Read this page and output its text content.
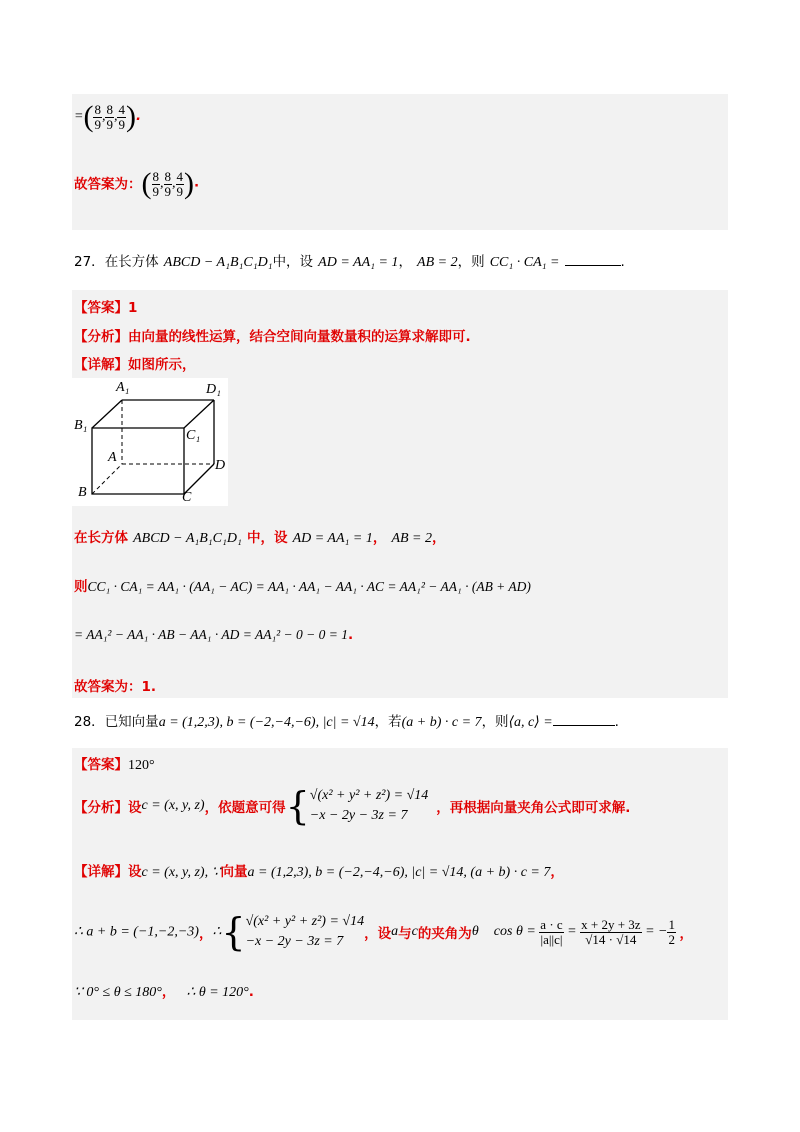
=( $\frac{8}{9}$ , $\frac{8}{9}$ , $\frac{4}{9}$ ).
故答案为：( $\frac{8}{9}$ , $\frac{8}{9}$ , $\frac{4}{9}$ ).
27．在长方体 ABCD − A₁B₁C₁D₁中，设 AD = AA₁ = 1， AB = 2，则 CC₁ · CA₁ =	.
【答案】1
【分析】由向量的线性运算，结合空间向量数量积的运算求解即可.
【详解】如图所示，
A₁	D₁
B₁
C₁
A
D
B	C
在长方体 ABCD − A₁B₁C₁D₁ 中，设 AD = AA₁ = 1， AB = 2，
则CC₁ · CA₁ = AA₁ · (AA₁ − AC) = AA₁ · AA₁ − AA₁ · AC = AA₁² − AA₁ · (AB + AD)
= AA₁² − AA₁ · AB − AA₁ · AD = AA₁² − 0 − 0 = 1.
故答案为：1.
28．已知向量a = (1,2,3), b = (−2,−4,−6), |c| = √14，若(a + b) · c = 7，则⟨a, c⟩ =	.
【答案】120°
【分析】设c = (x, y, z)，依题意可得{ √(x² + y² + z²) = √14
−x − 2y − 3z = 7	，再根据向量夹角公式即可求解.
【详解】设c = (x, y, z), ∵向量a = (1,2,3), b = (−2,−4,−6), |c| = √14, (a + b) · c = 7，
∴ a + b = (−1,−2,−3)，∴{ √(x² + y² + z²) = √14
−x − 2y − 3z = 7	，设a与c的夹角为θ $\cos \theta = \frac{a \cdot c}{|a||c|} = \frac{x + 2y + 3z}{√14 \cdot √14}$ = − $\frac{1}{2}$ ，
∵ 0° ≤ θ ≤ 180°， ∴ θ = 120°.
